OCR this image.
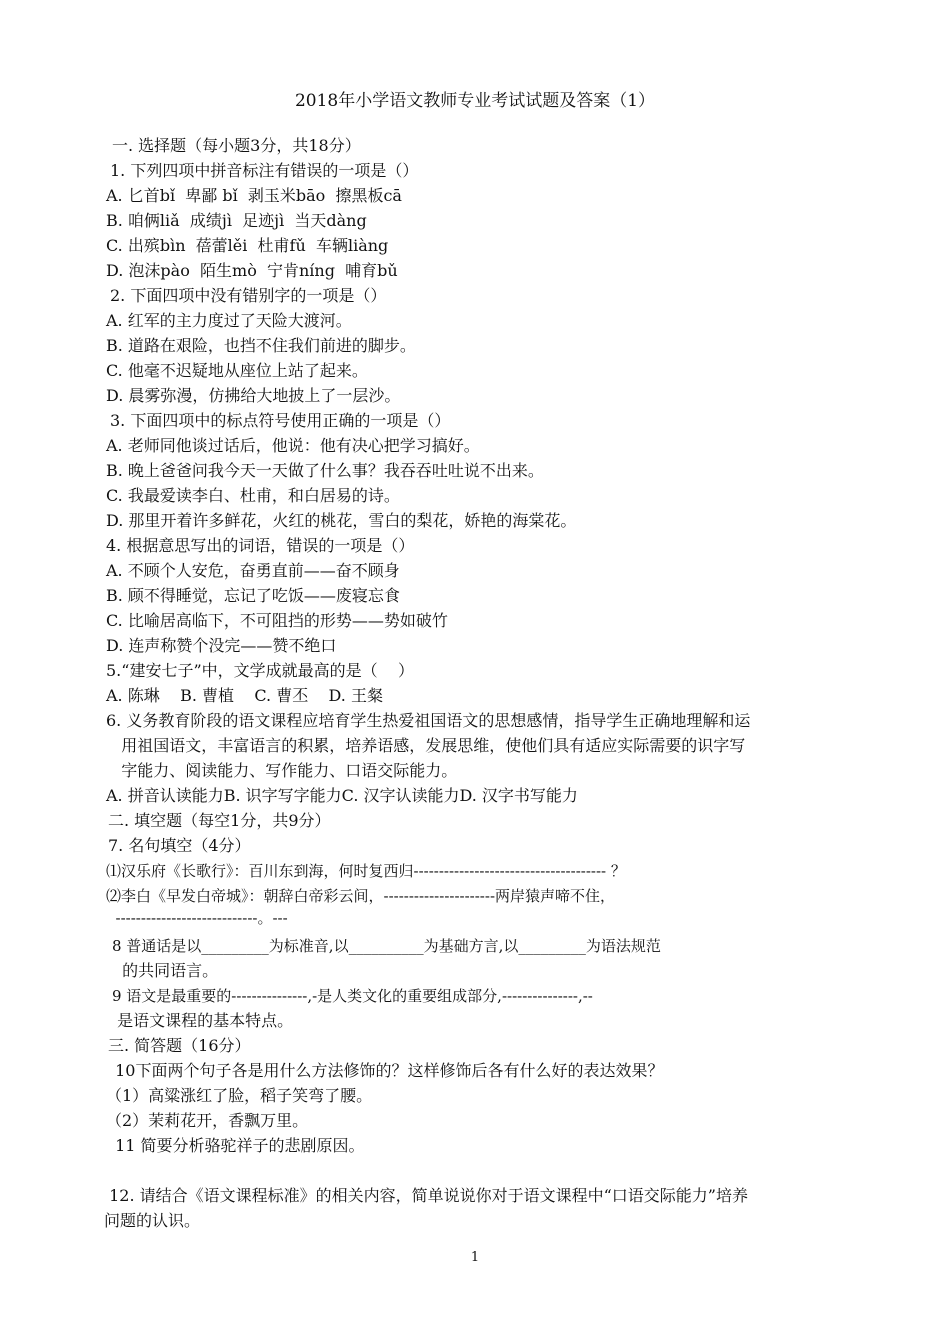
2018年小学语文教师专业考试试题及答案（1）
一. 选择题（每小题3分，共18分）
1. 下列四项中拼音标注有错误的一项是（）
A. 匕首bǐ  卑鄙 bǐ  剥玉米bāo  擦黑板cā
B. 咱俩liǎ  成绩jì  足迹jì  当天dàng
C. 出殡bìn  蓓蕾lěi  杜甫fǔ  车辆liàng
D. 泡沫pào  陌生mò  宁肯níng  哺育bǔ
2. 下面四项中没有错别字的一项是（）
A. 红军的主力度过了天险大渡河。
B. 道路在艰险，也挡不住我们前进的脚步。
C. 他毫不迟疑地从座位上站了起来。
D. 晨雾弥漫，仿拂给大地披上了一层沙。
3. 下面四项中的标点符号使用正确的一项是（）
A. 老师同他谈过话后，他说：他有决心把学习搞好。
B. 晚上爸爸问我今天一天做了什么事？我吞吞吐吐说不出来。
C. 我最爱读李白、杜甫，和白居易的诗。
D. 那里开着许多鲜花，火红的桃花，雪白的梨花，娇艳的海棠花。
4. 根据意思写出的词语，错误的一项是（）
A. 不顾个人安危，奋勇直前——奋不顾身
B. 顾不得睡觉，忘记了吃饭——废寝忘食
C. 比喻居高临下，不可阻挡的形势——势如破竹
D. 连声称赞个没完——赞不绝口
5.“建安七子”中，文学成就最高的是（    ）
A. 陈琳    B. 曹植    C. 曹丕    D. 王粲
6. 义务教育阶段的语文课程应培育学生热爱祖国语文的思想感情，指导学生正确地理解和运
用祖国语文，丰富语言的积累，培养语感，发展思维，使他们具有适应实际需要的识字写
字能力、阅读能力、写作能力、口语交际能力。
A. 拼音认读能力B. 识字写字能力C. 汉字认读能力D. 汉字书写能力
二. 填空题（每空1分，共9分）
7. 名句填空（4分）
⑴汉乐府《长歌行》：百川东到海，何时复西归-------------------------------------- ？
⑵李白《早发白帝城》：朝辞白帝彩云间，----------------------两岸猿声啼不住，
----------------------------。---
8 普通话是以_________为标准音,以__________为基础方言,以_________为语法规范
的共同语言。
9 语文是最重要的---------------,-是人类文化的重要组成部分,---------------,--
是语文课程的基本特点。
三. 简答题（16分）
10下面两个句子各是用什么方法修饰的？这样修饰后各有什么好的表达效果？
（1）高粱涨红了脸，稻子笑弯了腰。
（2）茉莉花开，香飘万里。
11 简要分析骆驼祥子的悲剧原因。
12. 请结合《语文课程标准》的相关内容，简单说说你对于语文课程中“口语交际能力”培养
问题的认识。
1
